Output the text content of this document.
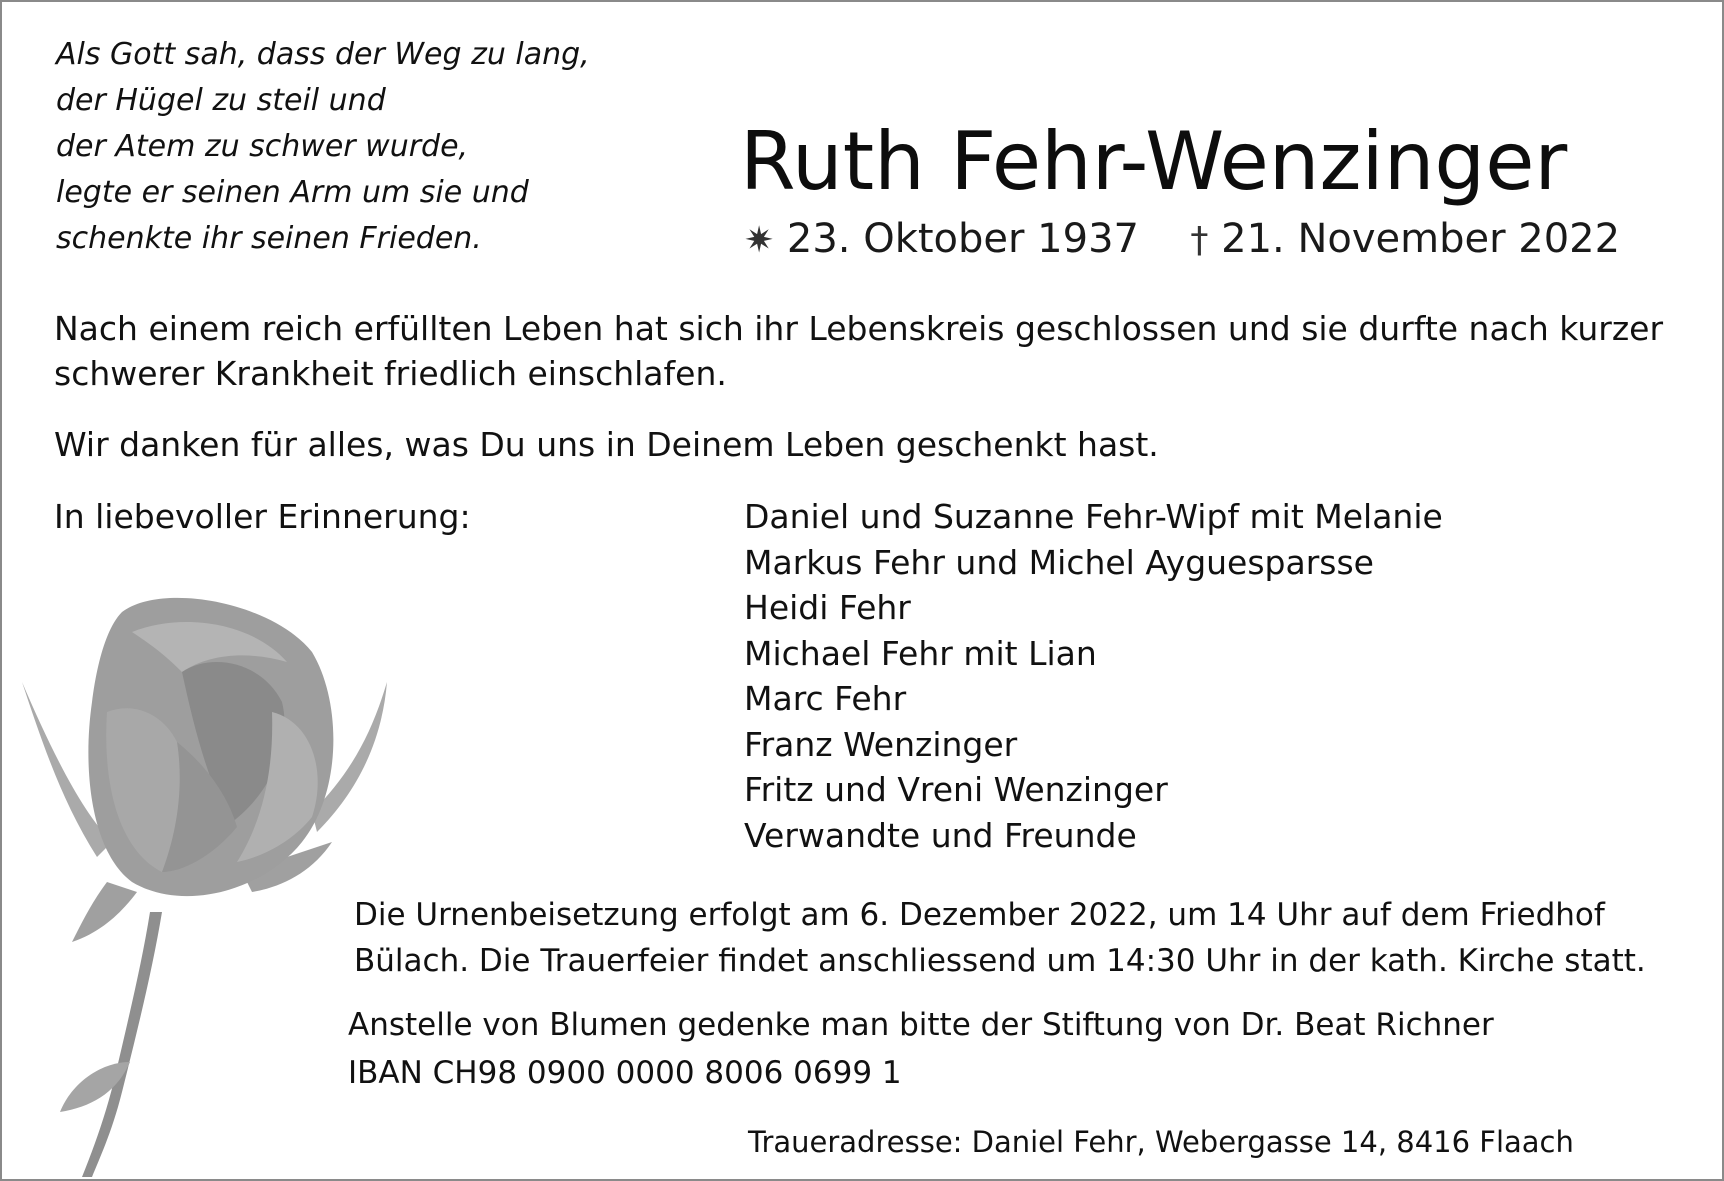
Als Gott sah, dass der Weg zu lang,
der Hügel zu steil und
der Atem zu schwer wurde,
legte er seinen Arm um sie und
schenkte ihr seinen Frieden.
Ruth Fehr-Wenzinger
✷ 23. Oktober 1937 † 21. November 2022
Nach einem reich erfüllten Leben hat sich ihr Lebenskreis geschlossen und sie durfte nach kurzer
schwerer Krankheit friedlich einschlafen.
Wir danken für alles, was Du uns in Deinem Leben geschenkt hast.
In liebevoller Erinnerung:	Daniel und Suzanne Fehr-Wipf mit Melanie
Markus Fehr und Michel Ayguesparsse
Heidi Fehr
Michael Fehr mit Lian
Marc Fehr
Franz Wenzinger
Fritz und Vreni Wenzinger
Verwandte und Freunde
Die Urnenbeisetzung erfolgt am 6. Dezember 2022, um 14 Uhr auf dem Friedhof
Bülach. Die Trauerfeier findet anschliessend um 14:30 Uhr in der kath. Kirche statt.
Anstelle von Blumen gedenke man bitte der Stiftung von Dr. Beat Richner
IBAN CH98 0900 0000 8006 0699 1
Traueradresse: Daniel Fehr, Webergasse 14, 8416 Flaach
